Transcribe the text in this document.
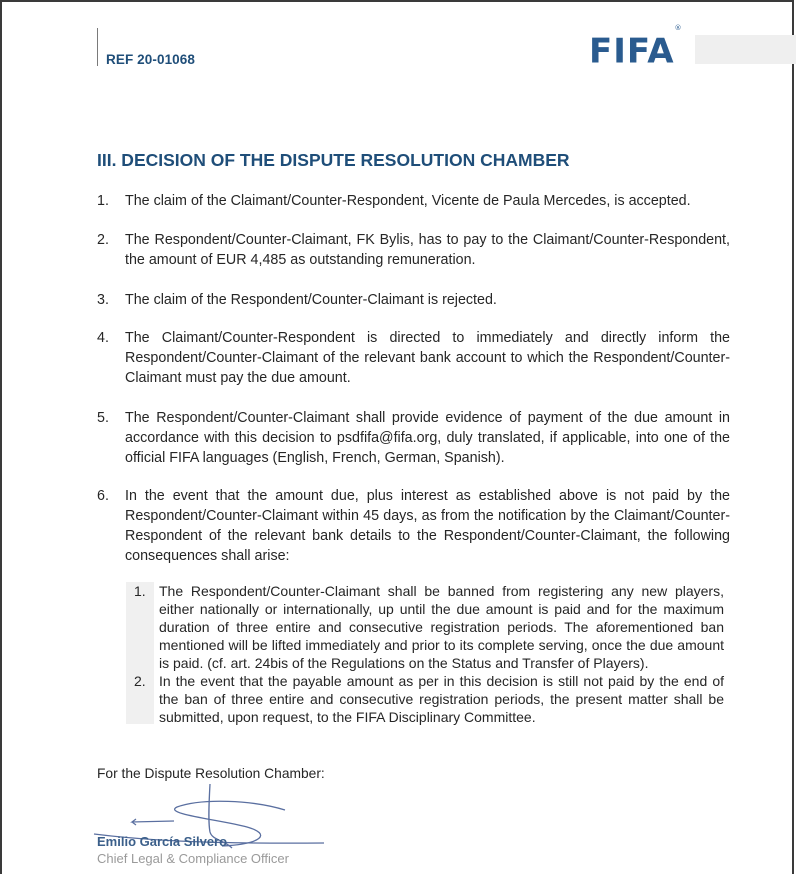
REF 20-01068	FIFA®
III. DECISION OF THE DISPUTE RESOLUTION CHAMBER
1.	The claim of the Claimant/Counter-Respondent, Vicente de Paula Mercedes, is accepted.
2.	The Respondent/Counter-Claimant, FK Bylis, has to pay to the Claimant/Counter-Respondent, the amount of EUR 4,485 as outstanding remuneration.
3.	The claim of the Respondent/Counter-Claimant is rejected.
4.	The Claimant/Counter-Respondent is directed to immediately and directly inform the Respondent/Counter-Claimant of the relevant bank account to which the Respondent/Counter-Claimant must pay the due amount.
5.	The Respondent/Counter-Claimant shall provide evidence of payment of the due amount in accordance with this decision to psdfifa@fifa.org, duly translated, if applicable, into one of the official FIFA languages (English, French, German, Spanish).
6.	In the event that the amount due, plus interest as established above is not paid by the Respondent/Counter-Claimant within 45 days, as from the notification by the Claimant/Counter-Respondent of the relevant bank details to the Respondent/Counter-Claimant, the following consequences shall arise:
1. The Respondent/Counter-Claimant shall be banned from registering any new players, either nationally or internationally, up until the due amount is paid and for the maximum duration of three entire and consecutive registration periods. The aforementioned ban mentioned will be lifted immediately and prior to its complete serving, once the due amount is paid. (cf. art. 24bis of the Regulations on the Status and Transfer of Players).
2. In the event that the payable amount as per in this decision is still not paid by the end of the ban of three entire and consecutive registration periods, the present matter shall be submitted, upon request, to the FIFA Disciplinary Committee.
For the Dispute Resolution Chamber:
Emilio García Silvero
Chief Legal & Compliance Officer
